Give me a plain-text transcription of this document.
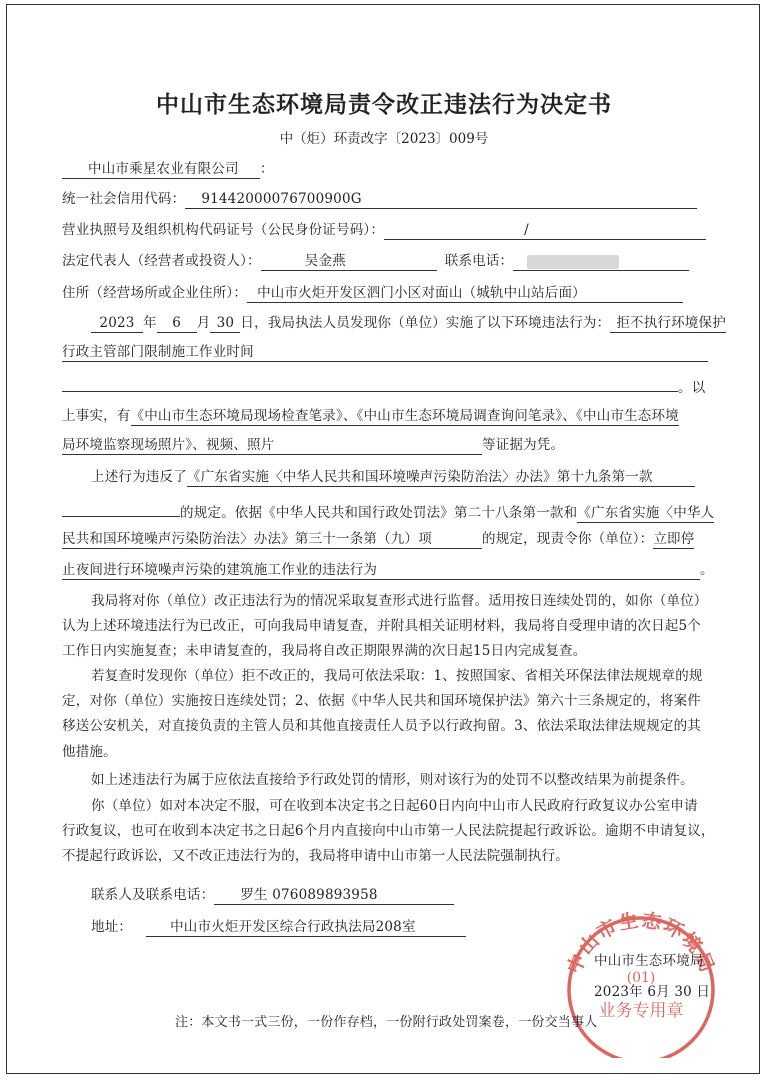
中山市生态环境局责令改正违法行为决定书
中（炬）环责改字〔2023〕009号
中山市乘星农业有限公司 ：
统一社会信用代码： 91442000076700900G
营业执照号及组织机构代码证号（公民身份证号码）：	/
法定代表人（经营者或投资人）：	吴金燕	联系电话：
住所（经营场所或企业住所）： 中山市火炬开发区泗门小区对面山（城轨中山站后面）
2023 年 6 月 30 日，我局执法人员发现你（单位）实施了以下环境违法行为： 拒不执行环境保护
行政主管部门限制施工作业时间
。以
上事实，有《中山市生态环境局现场检查笔录》、《中山市生态环境局调查询问笔录》、《中山市生态环境
局环境监察现场照片》、视频、照片	等证据为凭。
上述行为违反了《广东省实施〈中华人民共和国环境噪声污染防治法〉办法》第十九条第一款
的规定。依据《中华人民共和国行政处罚法》第二十八条第一款和《广东省实施〈中华人
民共和国环境噪声污染防治法〉办法》第三十一条第（九）项	的规定，现责令你（单位）：立即停
止夜间进行环境噪声污染的建筑施工作业的违法行为	。
我局将对你（单位）改正违法行为的情况采取复查形式进行监督。适用按日连续处罚的，如你（单位）
认为上述环境违法行为已改正，可向我局申请复查，并附具相关证明材料，我局将自受理申请的次日起5个
工作日内实施复查；未申请复查的，我局将自改正期限界满的次日起15日内完成复查。
若复查时发现你（单位）拒不改正的，我局可依法采取：1、按照国家、省相关环保法律法规规章的规
定，对你（单位）实施按日连续处罚；2、依据《中华人民共和国环境保护法》第六十三条规定的，将案件
移送公安机关，对直接负责的主管人员和其他直接责任人员予以行政拘留。3、依法采取法律法规规定的其
他措施。
如上述违法行为属于应依法直接给予行政处罚的情形，则对该行为的处罚不以整改结果为前提条件。
你（单位）如对本决定不服，可在收到本决定书之日起60日内向中山市人民政府行政复议办公室申请
行政复议，也可在收到本决定书之日起6个月内直接向中山市第一人民法院提起行政诉讼。逾期不申请复议，
不提起行政诉讼，又不改正违法行为的，我局将申请中山市第一人民法院强制执行。
联系人及联系电话： 罗生 076089893958
地址：	中山市火炬开发区综合行政执法局208室
中山市生态环境局
(01)
业务专用章
中山市生态环境局
2023年 6月 30 日
注：本文书一式三份，一份作存档，一份附行政处罚案卷，一份交当事人
